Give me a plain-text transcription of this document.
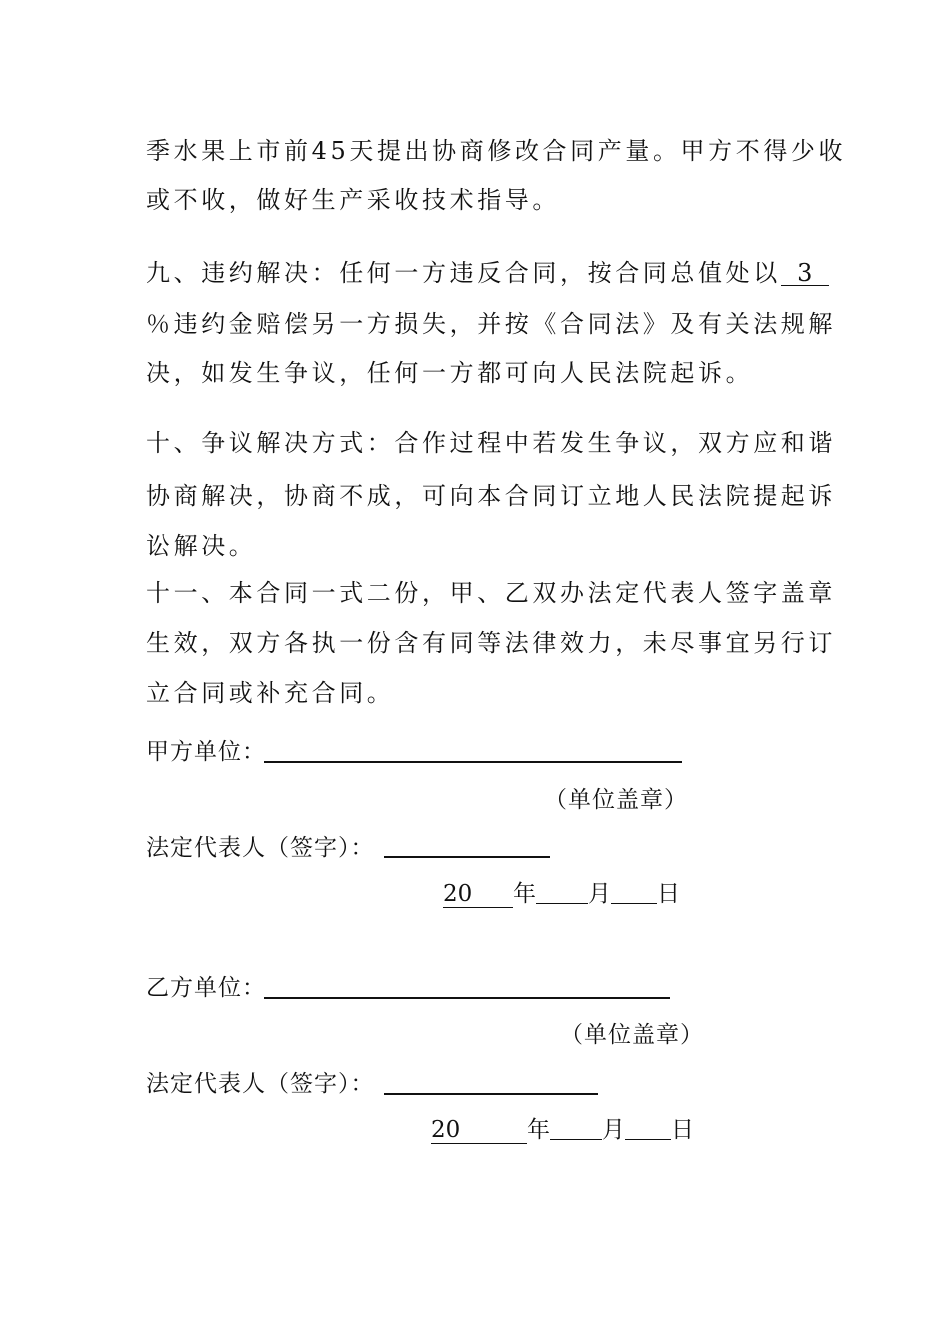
季水果上市前45天提出协商修改合同产量。甲方不得少收
或不收，做好生产采收技术指导。
九、违约解决：任何一方违反合同，按合同总值处以 3
％违约金赔偿另一方损失，并按《合同法》及有关法规解
决，如发生争议，任何一方都可向人民法院起诉。
十、争议解决方式：合作过程中若发生争议，双方应和谐
协商解决，协商不成，可向本合同订立地人民法院提起诉
讼解决。
十一、本合同一式二份，甲、乙双办法定代表人签字盖章
生效，双方各执一份含有同等法律效力，未尽事宜另行订
立合同或补充合同。
甲方单位：
（单位盖章）
法定代表人（签字）：
20 年 月 日
乙方单位：
（单位盖章）
法定代表人（签字）：
20	年 月 日
